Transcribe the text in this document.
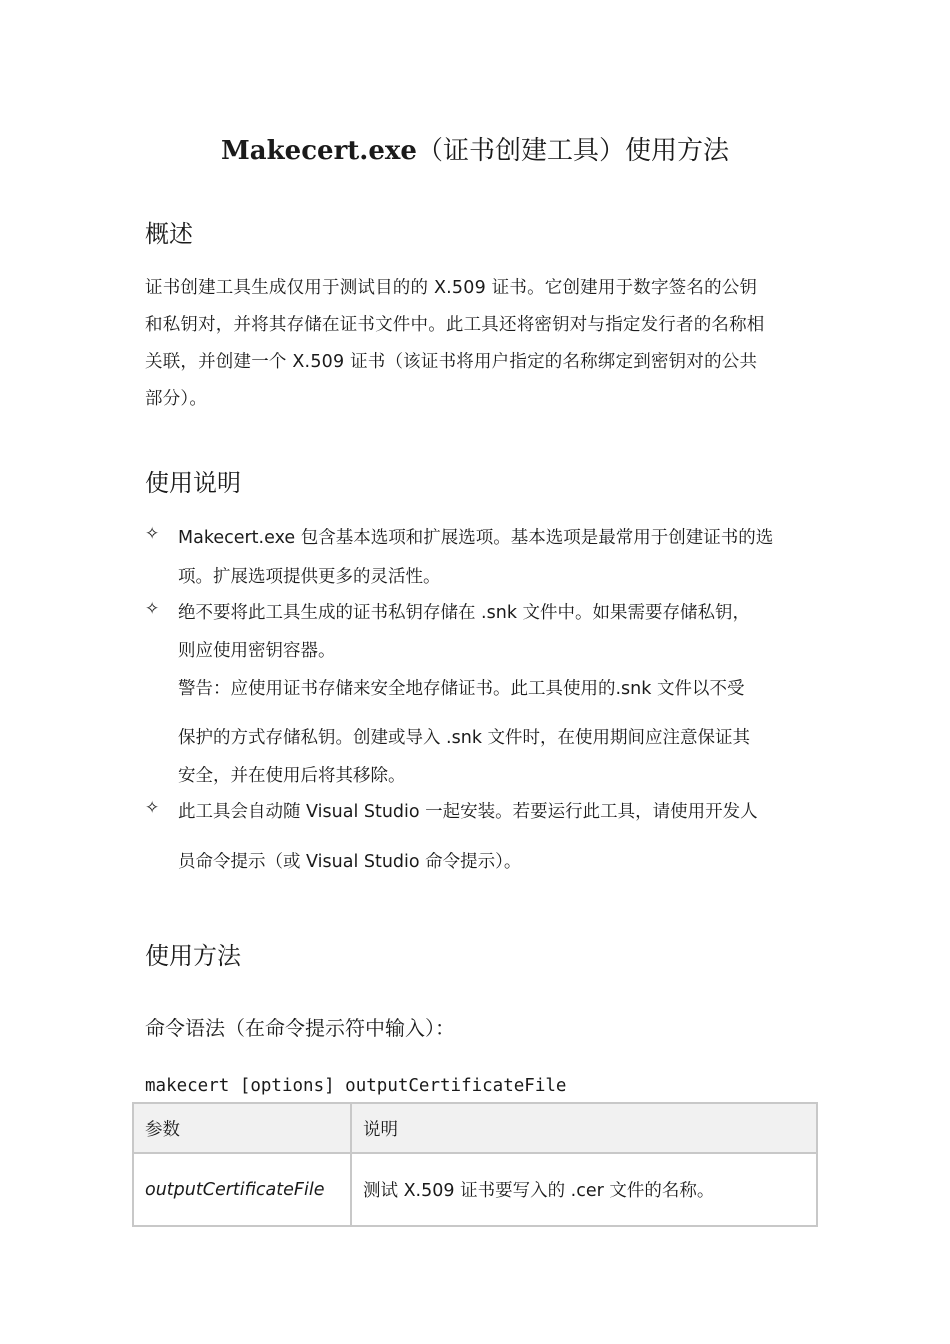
Makecert.exe（证书创建工具）使用方法
概述

证书创建工具生成仅用于测试目的的 X.509 证书。它创建用于数字签名的公钥

和私钥对，并将其存储在证书文件中。此工具还将密钥对与指定发行者的名称相

关联，并创建一个 X.509 证书（该证书将用户指定的名称绑定到密钥对的公共

部分）。

使用说明
✧ Makecert.exe 包含基本选项和扩展选项。基本选项是最常用于创建证书的选
项。扩展选项提供更多的灵活性。
✧ 绝不要将此工具生成的证书私钥存储在 .snk 文件中。如果需要存储私钥，
则应使用密钥容器。
警告：应使用证书存储来安全地存储证书。此工具使用的.snk 文件以不受
保护的方式存储私钥。创建或导入 .snk 文件时，在使用期间应注意保证其
安全，并在使用后将其移除。
✧ 此工具会自动随 Visual Studio 一起安装。若要运行此工具，请使用开发人
员命令提示（或 Visual Studio 命令提示）。
使用方法

命令语法（在命令提示符中输入）：

makecert [options] outputCertificateFile

参数	说明
outputCertificateFile	测试 X.509 证书要写入的 .cer 文件的名称。
